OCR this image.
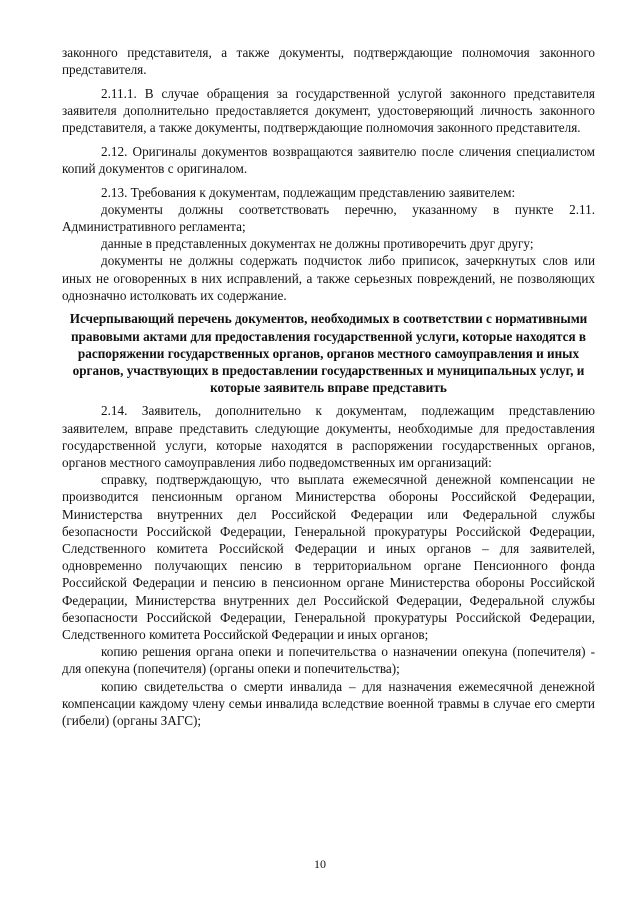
законного представителя, а также документы, подтверждающие полномочия законного представителя.

2.11.1. В случае обращения за государственной услугой законного представителя заявителя дополнительно предоставляется документ, удостоверяющий личность законного представителя, а также документы, подтверждающие полномочия законного представителя.

2.12. Оригиналы документов возвращаются заявителю после сличения специалистом копий документов с оригиналом.

2.13. Требования к документам, подлежащим представлению заявителем:

документы должны соответствовать перечню, указанному в пункте 2.11. Административного регламента;

данные в представленных документах не должны противоречить друг другу;

документы не должны содержать подчисток либо приписок, зачеркнутых слов или иных не оговоренных в них исправлений, а также серьезных повреждений, не позволяющих однозначно истолковать их содержание.

Исчерпывающий перечень документов, необходимых в соответствии с нормативными правовыми актами для предоставления государственной услуги, которые находятся в распоряжении государственных органов, органов местного самоуправления и иных органов, участвующих в предоставлении государственных и муниципальных услуг, и которые заявитель вправе представить

2.14. Заявитель, дополнительно к документам, подлежащим представлению заявителем, вправе представить следующие документы, необходимые для предоставления государственной услуги, которые находятся в распоряжении государственных органов, органов местного самоуправления либо подведомственных им организаций:

справку, подтверждающую, что выплата ежемесячной денежной компенсации не производится пенсионным органом Министерства обороны Российской Федерации, Министерства внутренних дел Российской Федерации или Федеральной службы безопасности Российской Федерации, Генеральной прокуратуры Российской Федерации, Следственного комитета Российской Федерации и иных органов – для заявителей, одновременно получающих пенсию в территориальном органе Пенсионного фонда Российской Федерации и пенсию в пенсионном органе Министерства обороны Российской Федерации, Министерства внутренних дел Российской Федерации, Федеральной службы безопасности Российской Федерации, Генеральной прокуратуры Российской Федерации, Следственного комитета Российской Федерации и иных органов;

копию решения органа опеки и попечительства о назначении опекуна (попечителя) - для опекуна (попечителя) (органы опеки и попечительства);

копию свидетельства о смерти инвалида – для назначения ежемесячной денежной компенсации каждому члену семьи инвалида вследствие военной травмы в случае его смерти (гибели) (органы ЗАГС);

10
